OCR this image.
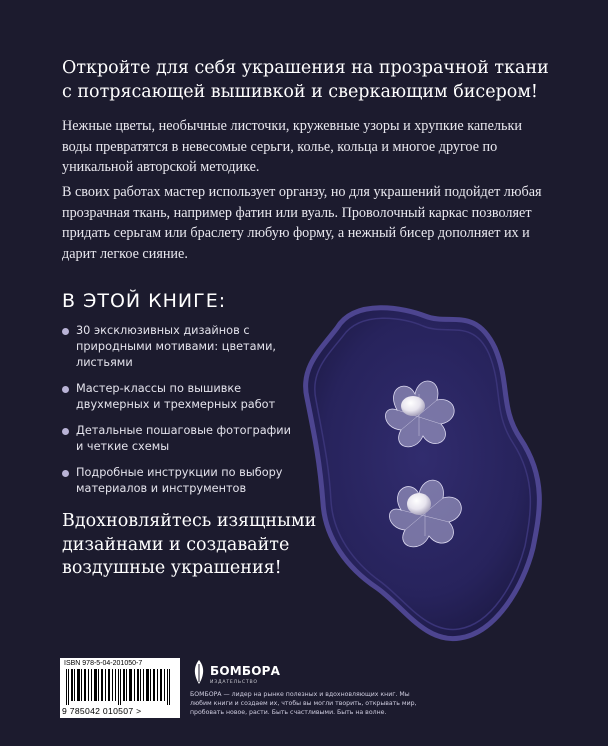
Откройте для себя украшения на прозрачной ткани с потрясающей вышивкой и сверкающим бисером!
Нежные цветы, необычные листочки, кружевные узоры и хрупкие капельки воды превратятся в невесомые серьги, колье, кольца и многое другое по уникальной авторской методике.
В своих работах мастер использует органзу, но для украшений подойдет любая прозрачная ткань, например фатин или вуаль. Проволочный каркас позволяет придать серьгам или браслету любую форму, а нежный бисер дополняет их и дарит легкое сияние.
В ЭТОЙ КНИГЕ:
30 эксклюзивных дизайнов с природными мотивами: цветами, листьями
Мастер-классы по вышивке двухмерных и трехмерных работ
Детальные пошаговые фотографии и четкие схемы
Подробные инструкции по выбору материалов и инструментов
Вдохновляйтесь изящными дизайнами и создавайте воздушные украшения!
ISBN 978-5-04-201050-7
9 785042 010507 >
БОМБОРА
ИЗДАТЕЛЬСТВО
БОМБОРА — лидер на рынке полезных и вдохновляющих книг. Мы любим книги и создаем их, чтобы вы могли творить, открывать мир, пробовать новое, расти. Быть счастливыми. Быть на волне.
